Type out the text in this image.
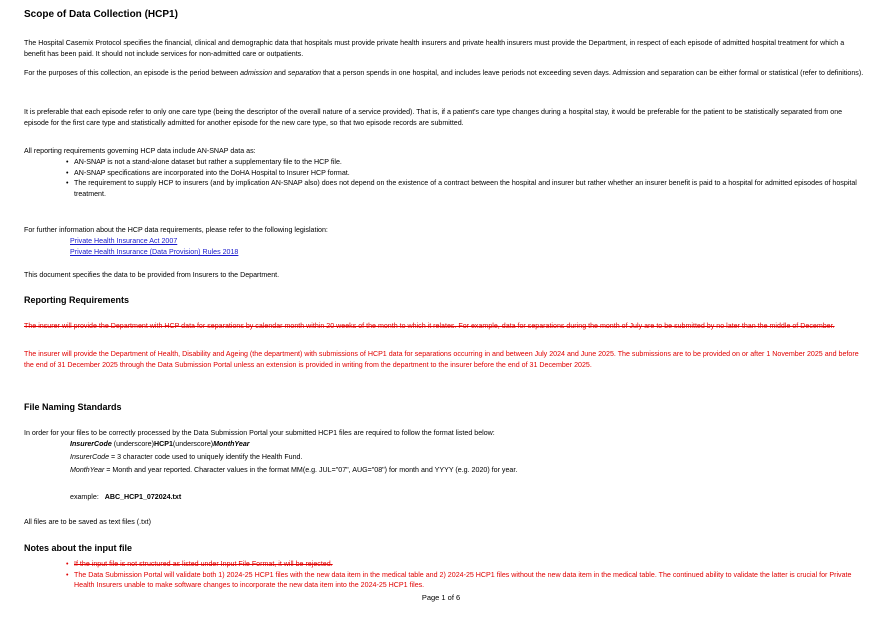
Scope of Data Collection (HCP1)

The Hospital Casemix Protocol specifies the financial, clinical and demographic data that hospitals must provide private health insurers and private health insurers must provide the Department, in respect of each episode of admitted hospital treatment for which a benefit has been paid. It should not include services for non-admitted care or outpatients.

For the purposes of this collection, an episode is the period between admission and separation that a person spends in one hospital, and includes leave periods not exceeding seven days. Admission and separation can be either formal or statistical (refer to definitions).

It is preferable that each episode refer to only one care type (being the descriptor of the overall nature of a service provided). That is, if a patient's care type changes during a hospital stay, it would be preferable for the patient to be statistically separated from one episode for the first care type and statistically admitted for another episode for the new care type, so that two episode records are submitted.

All reporting requirements governing HCP data include AN-SNAP data as:

• AN-SNAP is not a stand-alone dataset but rather a supplementary file to the HCP file.
• AN-SNAP specifications are incorporated into the DoHA Hospital to Insurer HCP format.
• The requirement to supply HCP to insurers (and by implication AN-SNAP also) does not depend on the existence of a contract between the hospital and insurer but rather whether an insurer benefit is paid to a hospital for admitted episodes of hospital treatment.

For further information about the HCP data requirements, please refer to the following legislation:

Private Health Insurance Act 2007
Private Health Insurance (Data Provision) Rules 2018

This document specifies the data to be provided from Insurers to the Department.

Reporting Requirements

The insurer will provide the Department with HCP data for separations by calendar month within 20 weeks of the month to which it relates. For example, data for separations during the month of July are to be submitted by no later than the middle of December.

The insurer will provide the Department of Health, Disability and Ageing (the department) with submissions of HCP1 data for separations occurring in and between July 2024 and June 2025. The submissions are to be provided on or after 1 November 2025 and before the end of 31 December 2025 through the Data Submission Portal unless an extension is provided in writing from the department to the insurer before the end of 31 December 2025.

File Naming Standards

In order for your files to be correctly processed by the Data Submission Portal your submitted HCP1 files are required to follow the format listed below:

InsurerCode (underscore)HCP1(underscore)MonthYear

InsurerCode = 3 character code used to uniquely identify the Health Fund.

MonthYear = Month and year reported. Character values in the format MM(e.g. JUL="07", AUG="08") for month and YYYY (e.g. 2020) for year.

example: ABC_HCP1_072024.txt

All files are to be saved as text files (.txt)

Notes about the input file
• If the input file is not structured as listed under Input File Format, it will be rejected.
• The Data Submission Portal will validate both 1) 2024-25 HCP1 files with the new data item in the medical table and 2) 2024-25 HCP1 files without the new data item in the medical table. The continued ability to validate the latter is crucial for Private Health Insurers unable to make software changes to incorporate the new data item into the 2024-25 HCP1 files.

Page 1 of 6
